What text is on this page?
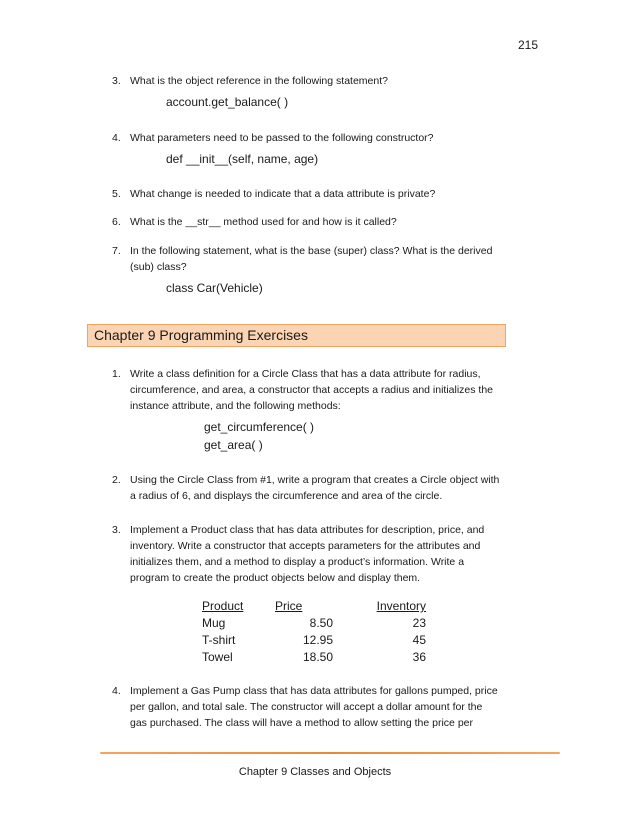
215
3. What is the object reference in the following statement?
account.get_balance( )
4. What parameters need to be passed to the following constructor?
def __init__(self, name, age)
5. What change is needed to indicate that a data attribute is private?
6. What is the __str__ method used for and how is it called?
7. In the following statement, what is the base (super) class? What is the derived (sub) class?
class Car(Vehicle)
Chapter 9 Programming Exercises
1. Write a class definition for a Circle Class that has a data attribute for radius, circumference, and area, a constructor that accepts a radius and initializes the instance attribute, and the following methods:
get_circumference( )
get_area( )
2. Using the Circle Class from #1, write a program that creates a Circle object with a radius of 6, and displays the circumference and area of the circle.
3. Implement a Product class that has data attributes for description, price, and inventory. Write a constructor that accepts parameters for the attributes and initializes them, and a method to display a product’s information. Write a program to create the product objects below and display them.
Product	Price	Inventory
Mug	8.50	23
T-shirt	12.95	45
Towel	18.50	36
4. Implement a Gas Pump class that has data attributes for gallons pumped, price per gallon, and total sale. The constructor will accept a dollar amount for the gas purchased. The class will have a method to allow setting the price per
Chapter 9 Classes and Objects
